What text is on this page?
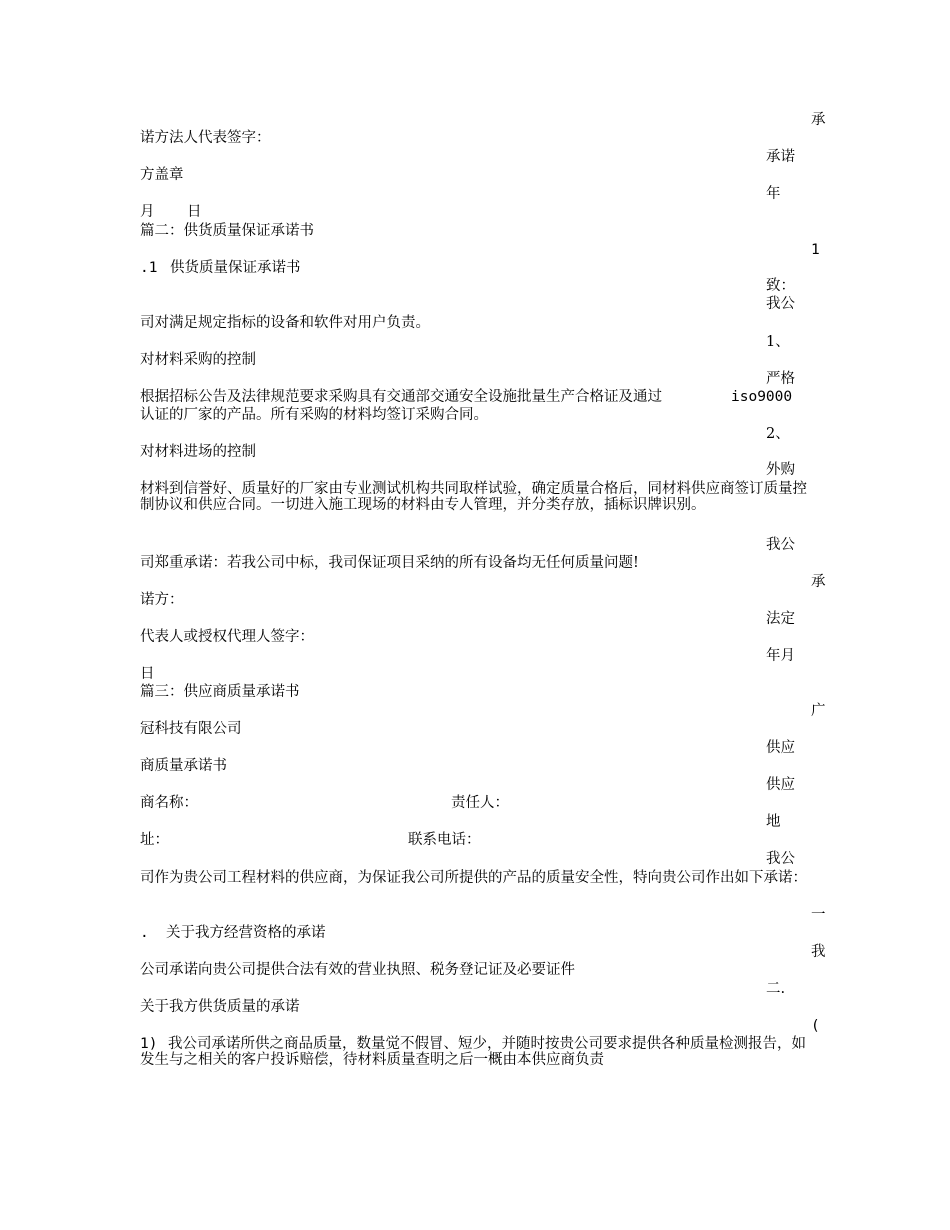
承
承诺
年
1
致：
我公
1、
严格
2、
外购
我公
承
法定
年月
广
供应
供应
地
我公
一
我
二.
(
诺方法人代表签字：
方盖章
月 日
篇二：供货质量保证承诺书
.1 供货质量保证承诺书
司对满足规定指标的设备和软件对用户负责。
对材料采购的控制
根据招标公告及法律规范要求采购具有交通部交通安全设施批量生产合格证及通过	iso9000
认证的厂家的产品。所有采购的材料均签订采购合同。
对材料进场的控制
材料到信誉好、质量好的厂家由专业测试机构共同取样试验，确定质量合格后，同材料供应商签订质量控制协议和供应合同。一切进入施工现场的材料由专人管理，并分类存放，插标识牌识别。
司郑重承诺：若我公司中标，我司保证项目采纳的所有设备均无任何质量问题!
诺方：
代表人或授权代理人签字：
日
篇三：供应商质量承诺书
冠科技有限公司
商质量承诺书
商名称：	责任人：
址：	联系电话：
司作为贵公司工程材料的供应商，为保证我公司所提供的产品的质量安全性，特向贵公司作出如下承诺：
. 关于我方经营资格的承诺
公司承诺向贵公司提供合法有效的营业执照、税务登记证及必要证件
关于我方供货质量的承诺
1) 我公司承诺所供之商品质量，数量觉不假冒、短少，并随时按贵公司要求提供各种质量检测报告，如发生与之相关的客户投诉赔偿，待材料质量查明之后一概由本供应商负责
